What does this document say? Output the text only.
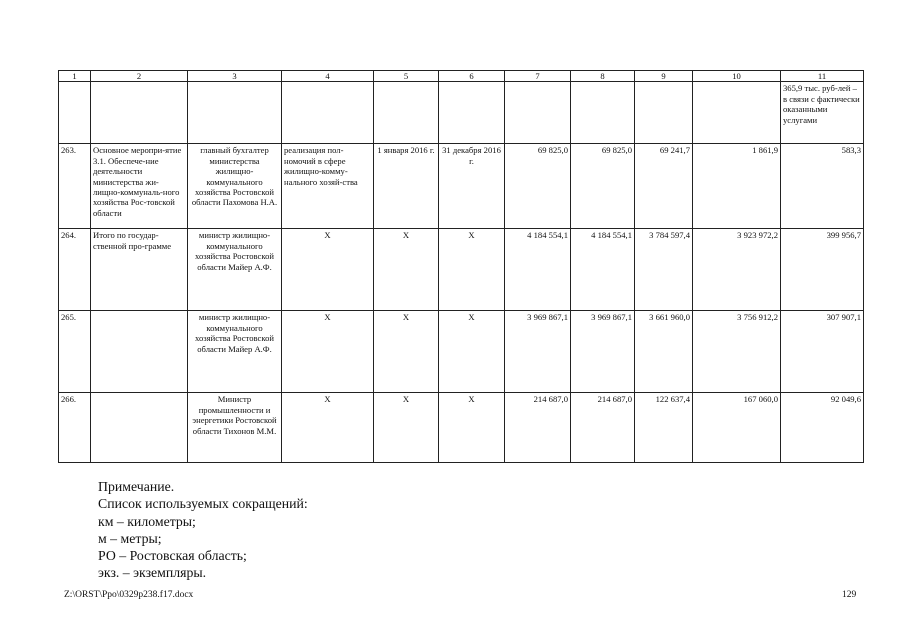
1	2	3	4	5	6	7	8	9	10	11
										365,9 тыс. руб-лей – в связи с фактически оказанными услугами
263.	Основное меропри-ятие 3.1. Обеспече-ние деятельности министерства жи-лищно-коммуналь-ного хозяйства Рос-товской области	главный бухгалтер министерства жилищно-коммунального хозяйства Ростовской области Пахомова Н.А.	реализация пол-номочий в сфере жилищно-комму-нального хозяй-ства	1 января 2016 г.	31 декабря 2016 г.	69 825,0	69 825,0	69 241,7	1 861,9	583,3
264.	Итого по государ-ственной про-грамме	министр жилищно-коммунального хозяйства Ростовской области Майер А.Ф.	Х	Х	Х	4 184 554,1	4 184 554,1	3 784 597,4	3 923 972,2	399 956,7
265.		министр жилищно-коммунального хозяйства Ростовской области Майер А.Ф.	Х	Х	Х	3 969 867,1	3 969 867,1	3 661 960,0	3 756 912,2	307 907,1
266.		Министр промышленности и энергетики Ростовской области Тихонов М.М.	Х	Х	Х	214 687,0	214 687,0	122 637,4	167 060,0	92 049,6
Примечание.
Список используемых сокращений:
км – километры;
м – метры;
РО – Ростовская область;
экз. – экземпляры.
Z:\ORST\Ppo\0329p238.f17.docx	129
